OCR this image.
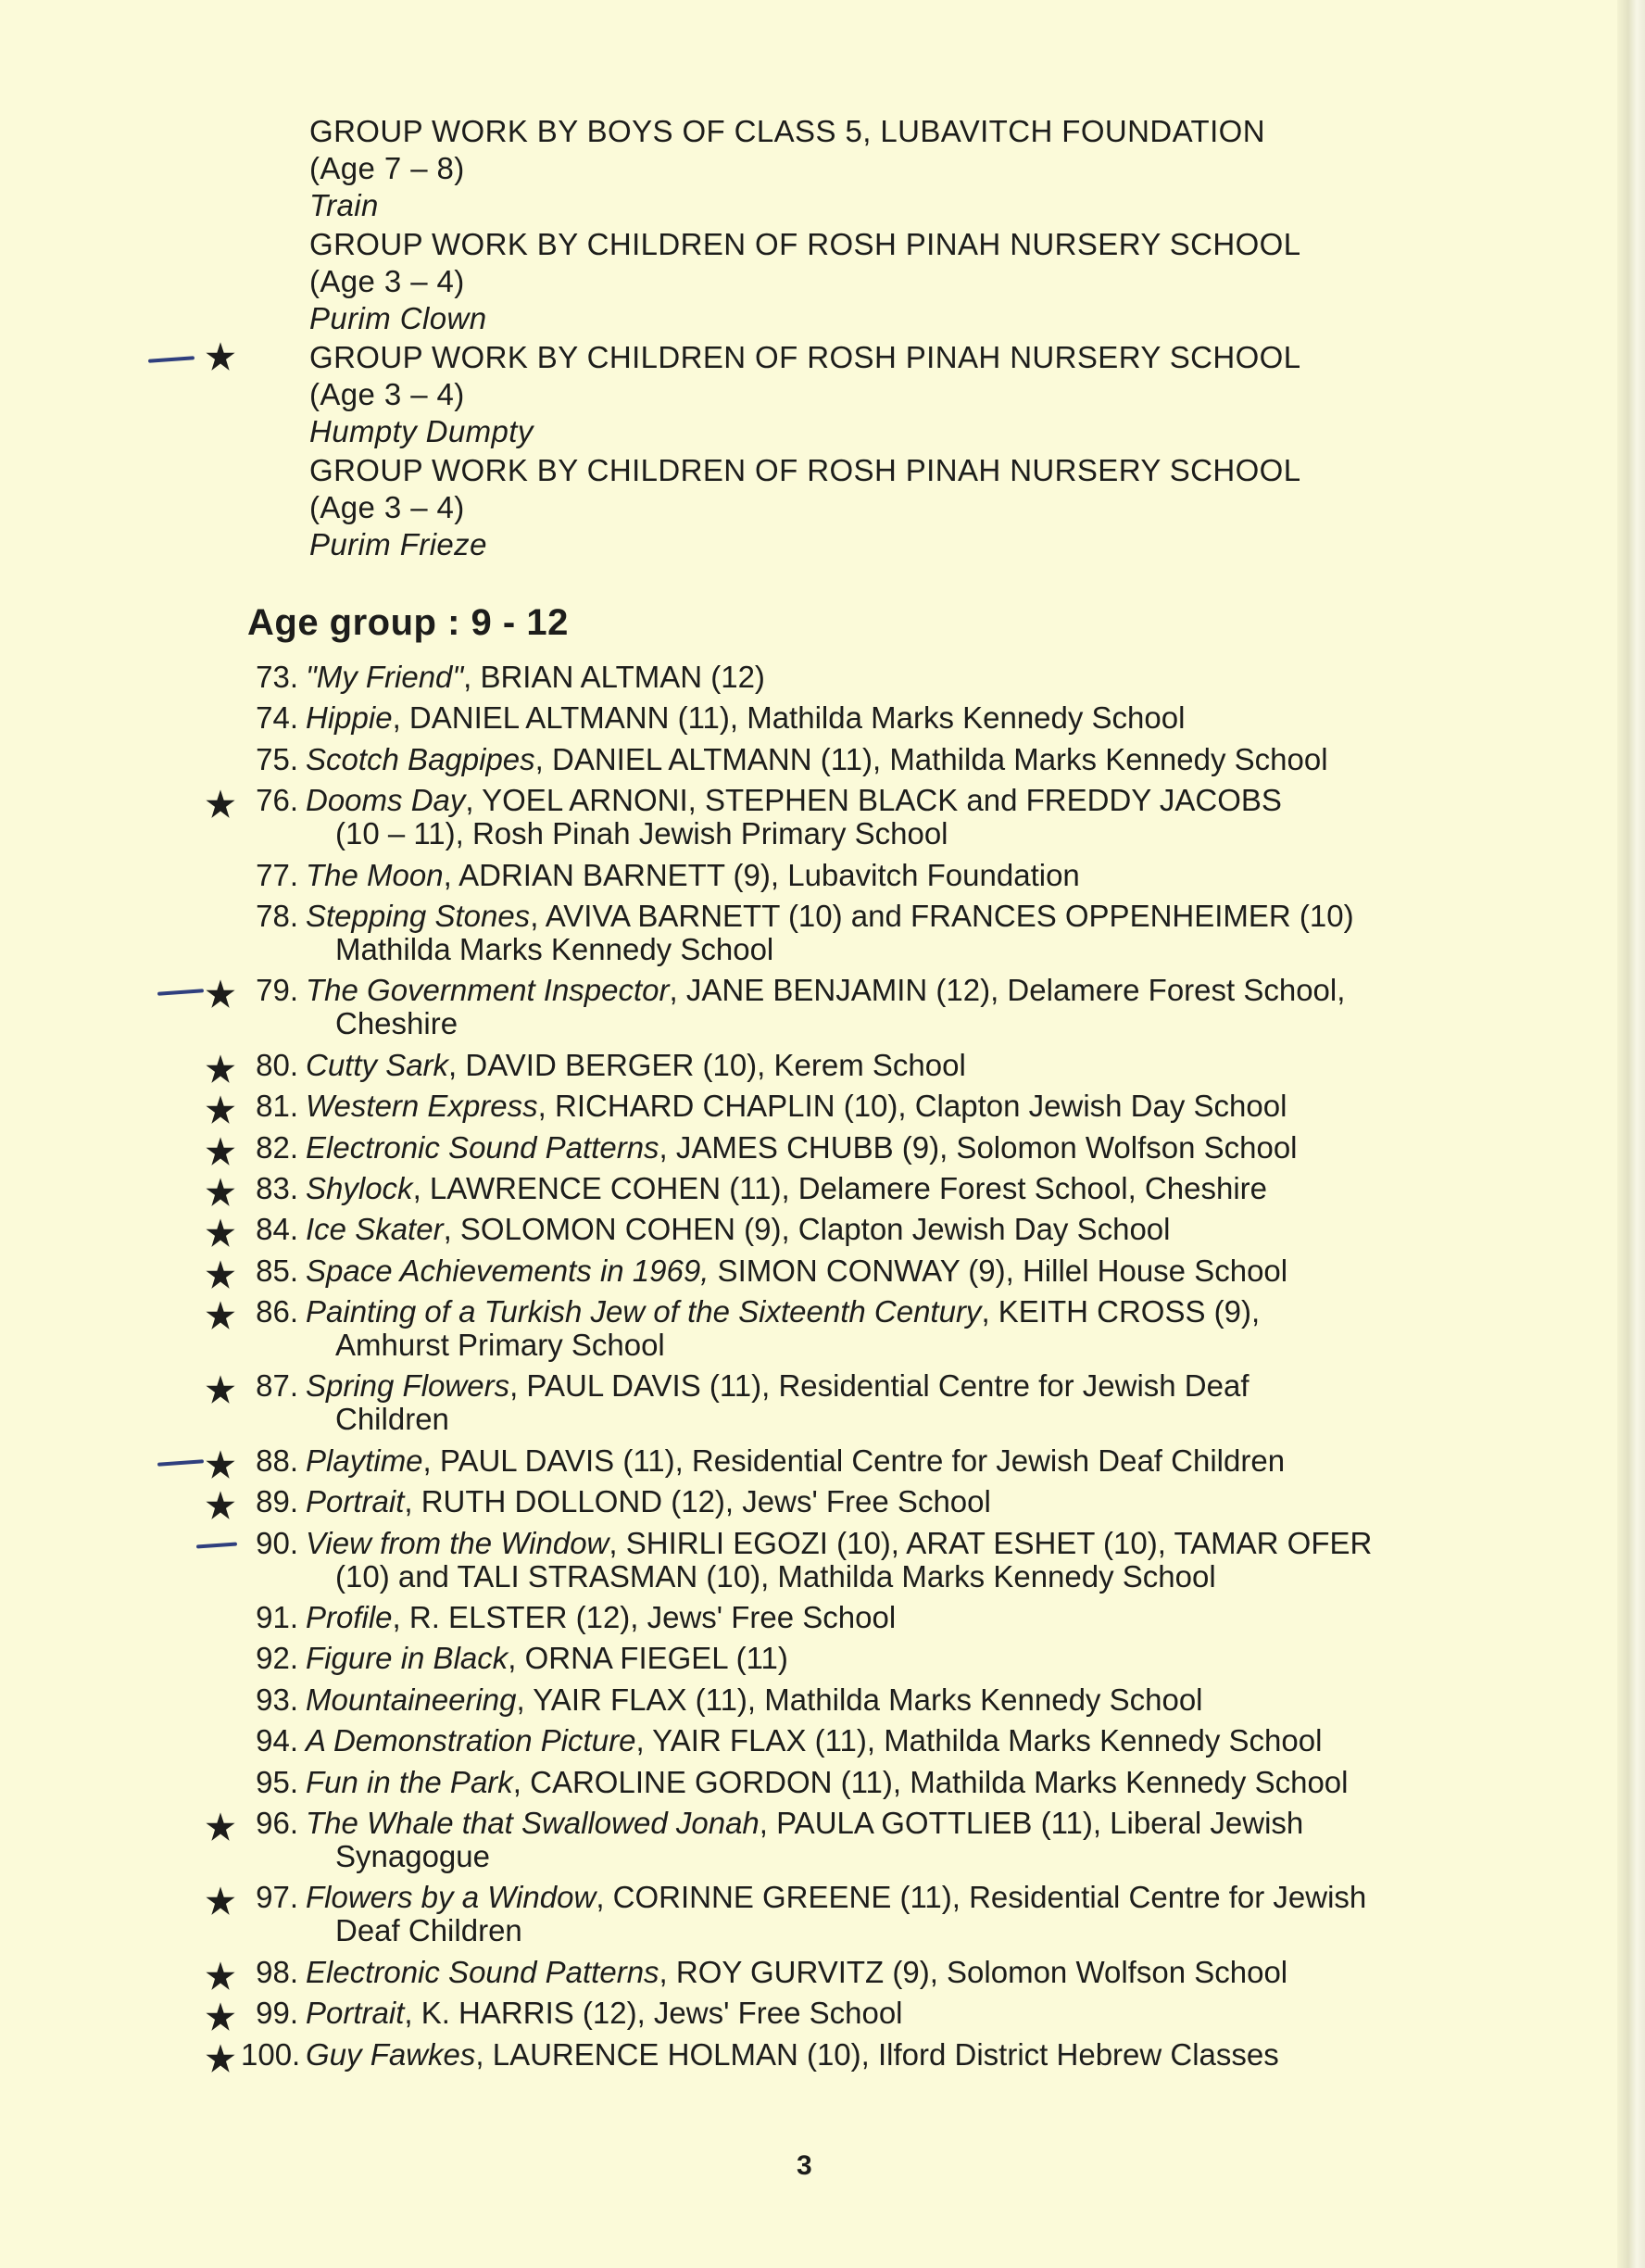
GROUP WORK BY BOYS OF CLASS 5, LUBAVITCH FOUNDATION
(Age 7 – 8)
Train
GROUP WORK BY CHILDREN OF ROSH PINAH NURSERY SCHOOL
(Age 3 – 4)
Purim Clown
GROUP WORK BY CHILDREN OF ROSH PINAH NURSERY SCHOOL
(Age 3 – 4)
Humpty Dumpty
GROUP WORK BY CHILDREN OF ROSH PINAH NURSERY SCHOOL
(Age 3 – 4)
Purim Frieze
Age group : 9 - 12
73. "My Friend", BRIAN ALTMAN (12)
74. Hippie, DANIEL ALTMANN (11), Mathilda Marks Kennedy School
75. Scotch Bagpipes, DANIEL ALTMANN (11), Mathilda Marks Kennedy School
76. Dooms Day, YOEL ARNONI, STEPHEN BLACK and FREDDY JACOBS
(10 – 11), Rosh Pinah Jewish Primary School
77. The Moon, ADRIAN BARNETT (9), Lubavitch Foundation
78. Stepping Stones, AVIVA BARNETT (10) and FRANCES OPPENHEIMER (10)
Mathilda Marks Kennedy School
79. The Government Inspector, JANE BENJAMIN (12), Delamere Forest School,
Cheshire
80. Cutty Sark, DAVID BERGER (10), Kerem School
81. Western Express, RICHARD CHAPLIN (10), Clapton Jewish Day School
82. Electronic Sound Patterns, JAMES CHUBB (9), Solomon Wolfson School
83. Shylock, LAWRENCE COHEN (11), Delamere Forest School, Cheshire
84. Ice Skater, SOLOMON COHEN (9), Clapton Jewish Day School
85. Space Achievements in 1969, SIMON CONWAY (9), Hillel House School
86. Painting of a Turkish Jew of the Sixteenth Century, KEITH CROSS (9),
Amhurst Primary School
87. Spring Flowers, PAUL DAVIS (11), Residential Centre for Jewish Deaf
Children
88. Playtime, PAUL DAVIS (11), Residential Centre for Jewish Deaf Children
89. Portrait, RUTH DOLLOND (12), Jews' Free School
90. View from the Window, SHIRLI EGOZI (10), ARAT ESHET (10), TAMAR OFER
(10) and TALI STRASMAN (10), Mathilda Marks Kennedy School
91. Profile, R. ELSTER (12), Jews' Free School
92. Figure in Black, ORNA FIEGEL (11)
93. Mountaineering, YAIR FLAX (11), Mathilda Marks Kennedy School
94. A Demonstration Picture, YAIR FLAX (11), Mathilda Marks Kennedy School
95. Fun in the Park, CAROLINE GORDON (11), Mathilda Marks Kennedy School
96. The Whale that Swallowed Jonah, PAULA GOTTLIEB (11), Liberal Jewish
Synagogue
97. Flowers by a Window, CORINNE GREENE (11), Residential Centre for Jewish
Deaf Children
98. Electronic Sound Patterns, ROY GURVITZ (9), Solomon Wolfson School
99. Portrait, K. HARRIS (12), Jews' Free School
100. Guy Fawkes, LAURENCE HOLMAN (10), Ilford District Hebrew Classes
3
